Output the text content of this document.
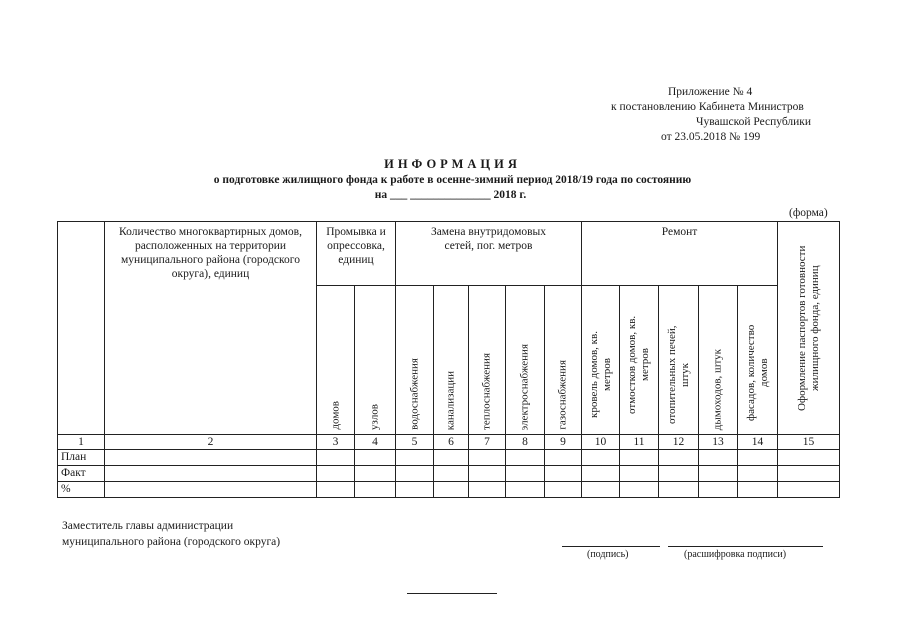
Приложение № 4
к постановлению Кабинета Министров
Чувашской Республики
от 23.05.2018 № 199
ИНФОРМАЦИЯ
о подготовке жилищного фонда к работе в осенне-зимний период 2018/19 года по состоянию
на ___ ______________ 2018 г.
(форма)
	Количество многоквартирных домов, расположенных на территории муниципального района (городского округа), единиц	Промывка и опрессовка, единиц		Замена внутридомовых сетей, пог. метров					Ремонт					Оформление паспортов готовности жилищного фонда, единиц

		домов	узлов	водоснабжения	канализации	теплоснабжения	электроснабжения	газоснабжения	кровель домов, кв. метров	отмостков домов, кв. метров	отопительных печей, штук	дымоходов, штук	фасадов, количество домов	

1	2	3	4	5	6	7	8	9	10	11	12	13	14	15
План														
Факт														
%														
Заместитель главы администрации
муниципального района (городского округа)
(подпись)	(расшифровка подписи)
